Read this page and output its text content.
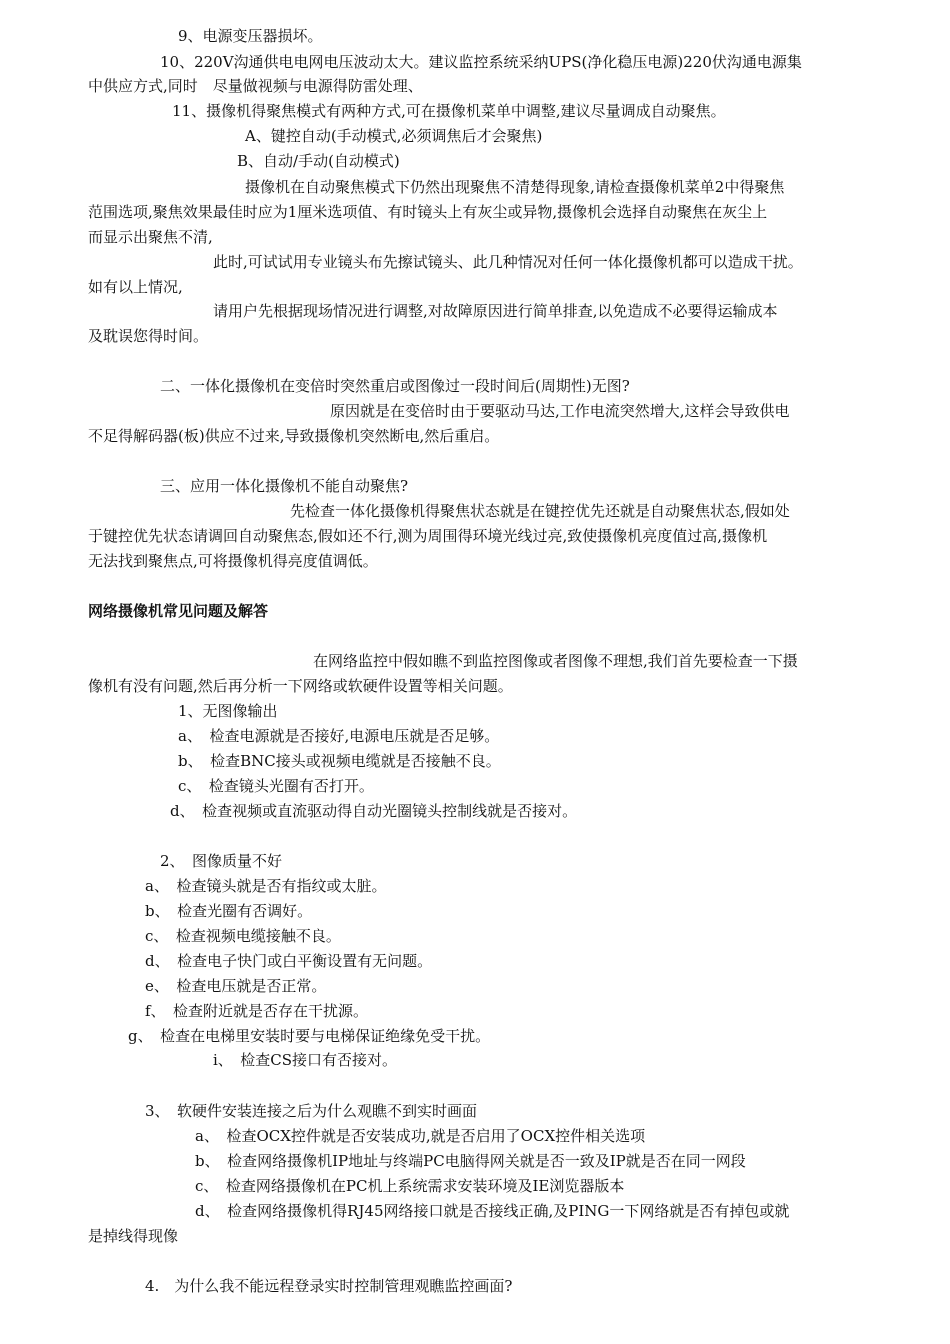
9、电源变压器损坏。
10、220V沟通供电电网电压波动太大。建议监控系统采纳UPS(净化稳压电源)220伏沟通电源集
中供应方式,同时　尽量做视频与电源得防雷处理、
11、摄像机得聚焦模式有两种方式,可在摄像机菜单中调整,建议尽量调成自动聚焦。
A、键控自动(手动模式,必须调焦后才会聚焦)
B、自动/手动(自动模式)
摄像机在自动聚焦模式下仍然出现聚焦不清楚得现象,请检查摄像机菜单2中得聚焦
范围选项,聚焦效果最佳时应为1厘米选项值、有时镜头上有灰尘或异物,摄像机会选择自动聚焦在灰尘上
而显示出聚焦不清,
此时,可试试用专业镜头布先擦试镜头、此几种情况对任何一体化摄像机都可以造成干扰。
如有以上情况,
请用户先根据现场情况进行调整,对故障原因进行简单排查,以免造成不必要得运输成本
及耽误您得时间。
二、一体化摄像机在变倍时突然重启或图像过一段时间后(周期性)无图?
原因就是在变倍时由于要驱动马达,工作电流突然增大,这样会导致供电
不足得解码器(板)供应不过来,导致摄像机突然断电,然后重启。
三、应用一体化摄像机不能自动聚焦?
先检查一体化摄像机得聚焦状态就是在键控优先还就是自动聚焦状态,假如处
于键控优先状态请调回自动聚焦态,假如还不行,测为周围得环境光线过亮,致使摄像机亮度值过高,摄像机
无法找到聚焦点,可将摄像机得亮度值调低。
网络摄像机常见问题及解答
在网络监控中假如瞧不到监控图像或者图像不理想,我们首先要检查一下摄
像机有没有问题,然后再分析一下网络或软硬件设置等相关问题。
1、无图像输出
a、　检查电源就是否接好,电源电压就是否足够。
b、　检查BNC接头或视频电缆就是否接触不良。
c、　检查镜头光圈有否打开。
d、　检查视频或直流驱动得自动光圈镜头控制线就是否接对。
2、　图像质量不好
a、　检查镜头就是否有指纹或太脏。
b、　检查光圈有否调好。
c、　检查视频电缆接触不良。
d、　检查电子快门或白平衡设置有无问题。
e、　检查电压就是否正常。
f、　检查附近就是否存在干扰源。
g、　检查在电梯里安装时要与电梯保证绝缘免受干扰。
i、　检查CS接口有否接对。
3、　软硬件安装连接之后为什么观瞧不到实时画面
a、　检查OCX控件就是否安装成功,就是否启用了OCX控件相关选项
b、　检查网络摄像机IP地址与终端PC电脑得网关就是否一致及IP就是否在同一网段
c、　检查网络摄像机在PC机上系统需求安装环境及IE浏览器版本
d、　检查网络摄像机得RJ45网络接口就是否接线正确,及PING一下网络就是否有掉包或就
是掉线得现像
4.　为什么我不能远程登录实时控制管理观瞧监控画面?
